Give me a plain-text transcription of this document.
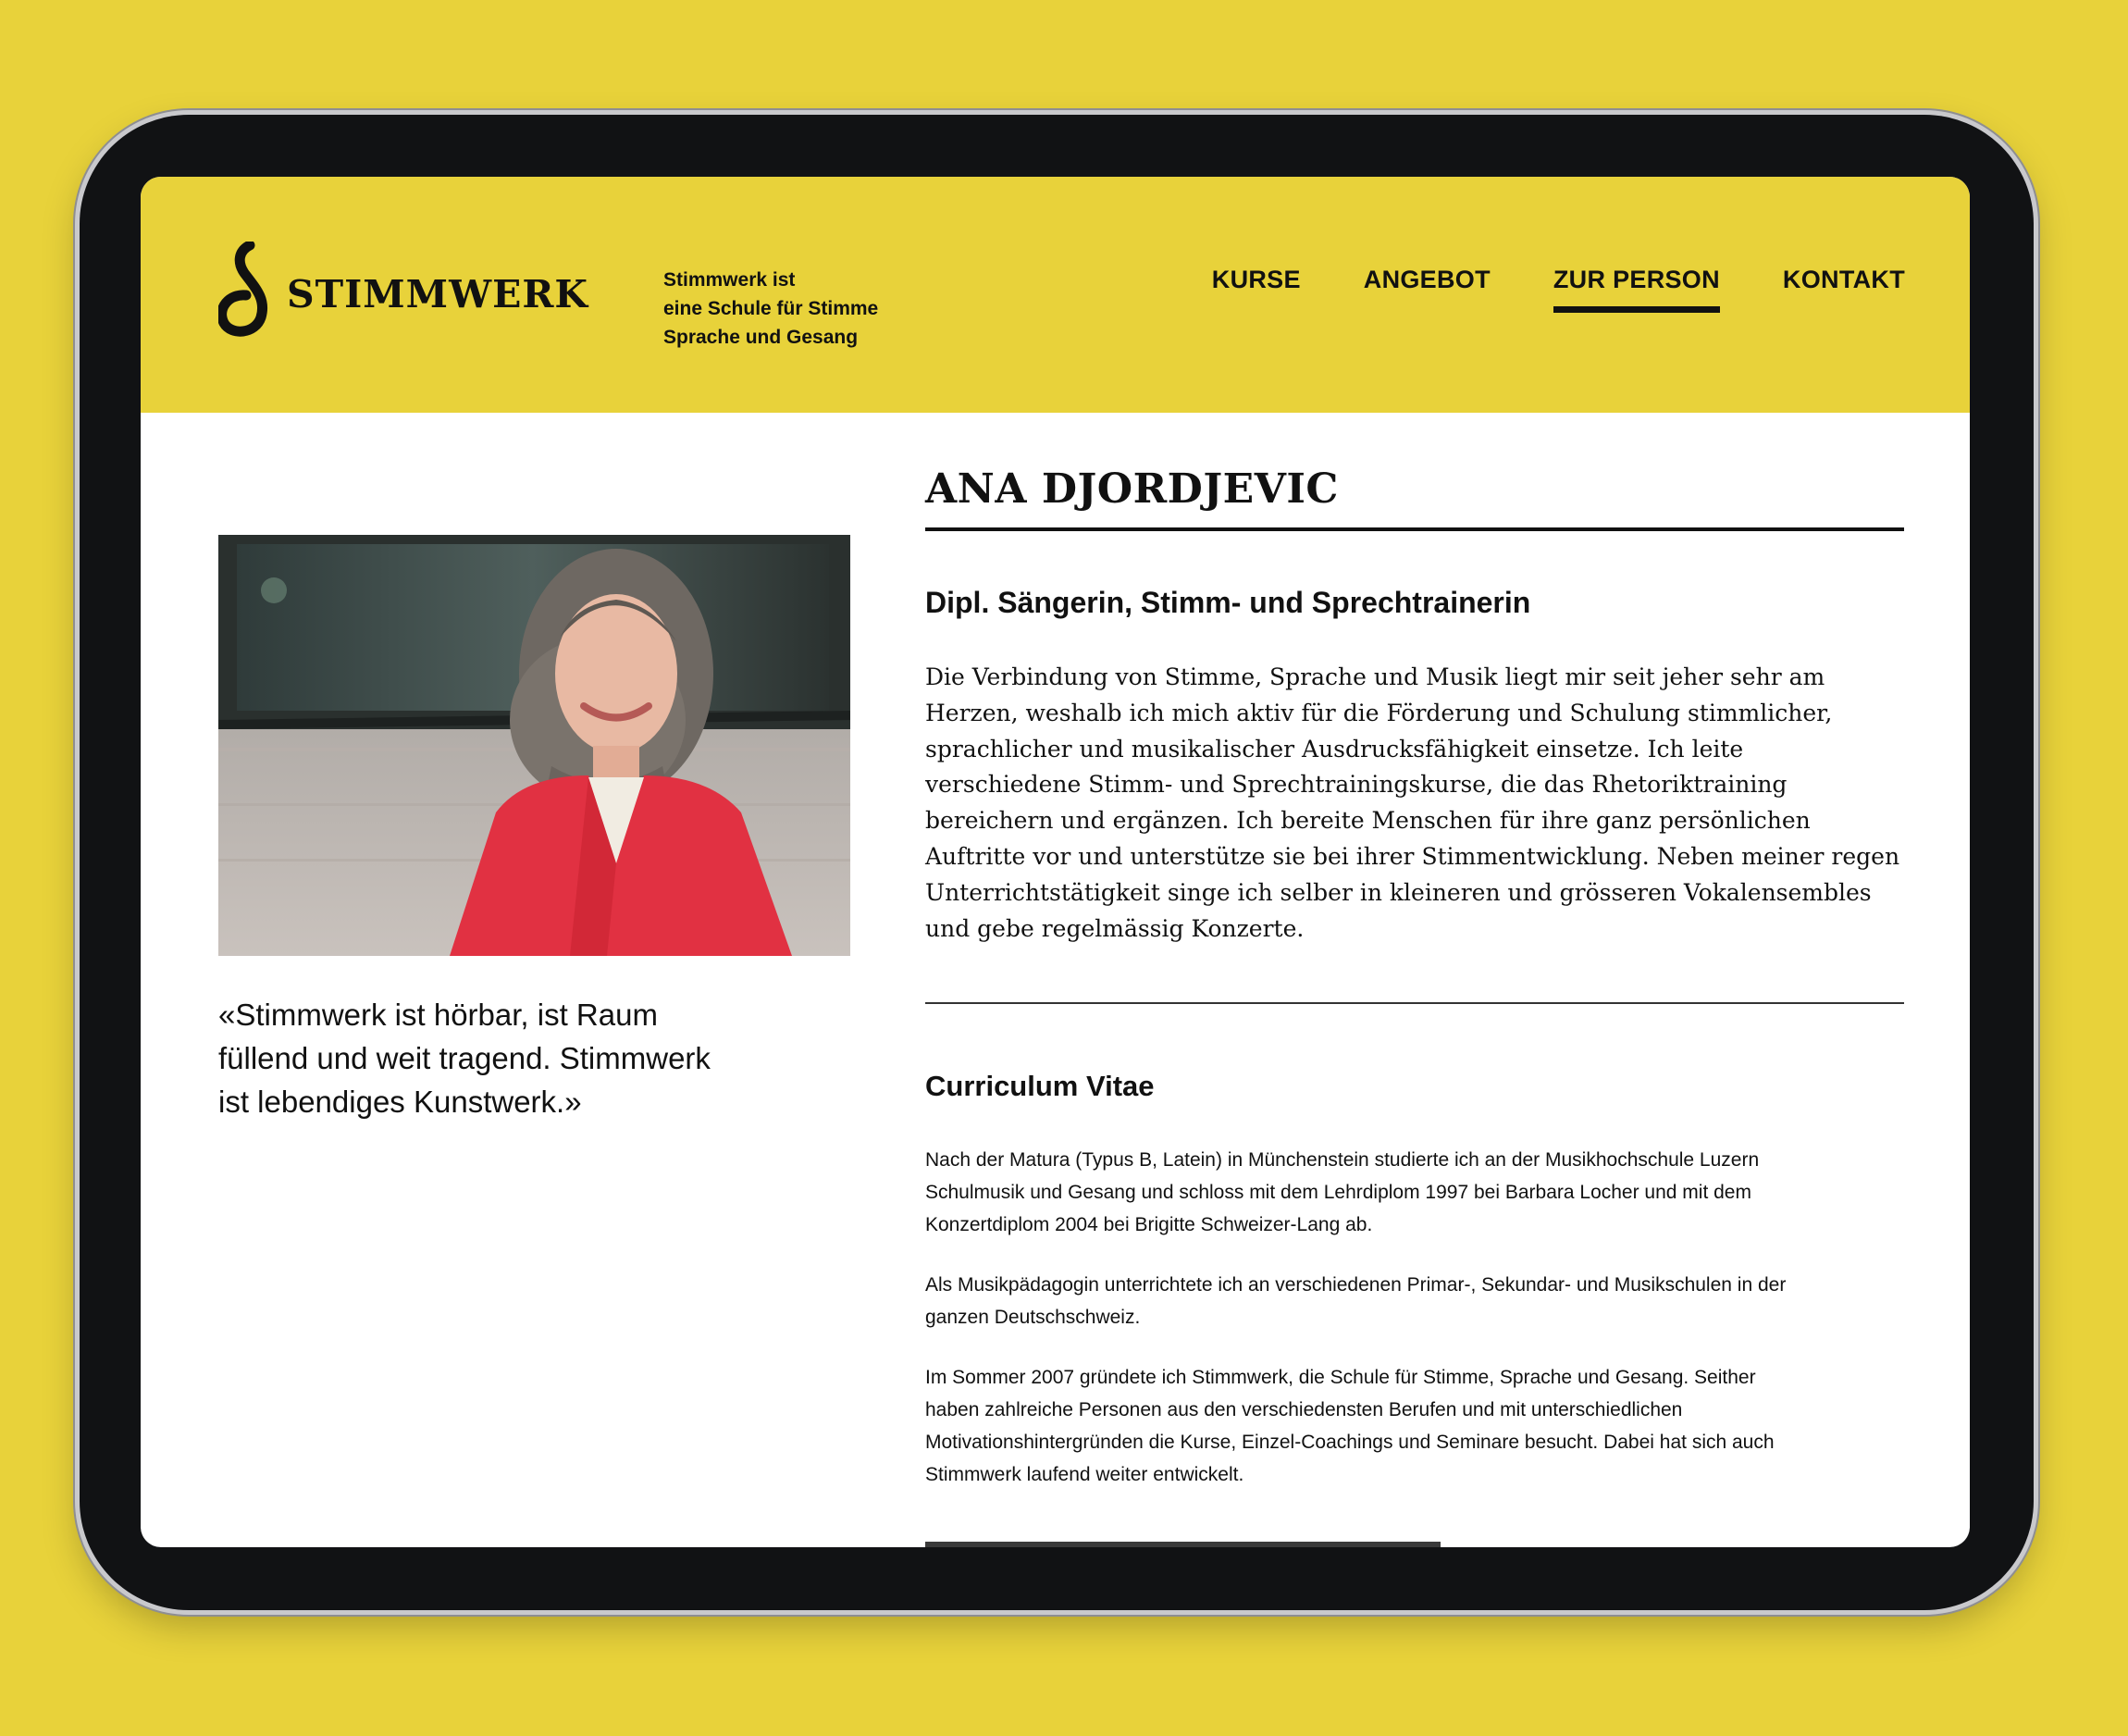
STIMMWERK	Stimmwerk ist
eine Schule für Stimme
Sprache und Gesang
KURSE	ANGEBOT	ZUR PERSON	KONTAKT
«Stimmwerk ist hörbar, ist Raum
füllend und weit tragend. Stimmwerk
ist lebendiges Kunstwerk.»
ANA DJORDJEVIC
Dipl. Sängerin, Stimm- und Sprechtrainerin
Die Verbindung von Stimme, Sprache und Musik liegt mir seit jeher sehr am
Herzen, weshalb ich mich aktiv für die Förderung und Schulung stimmlicher,
sprachlicher und musikalischer Ausdrucksfähigkeit einsetze. Ich leite
verschiedene Stimm- und Sprechtrainingskurse, die das Rhetoriktraining
bereichern und ergänzen. Ich bereite Menschen für ihre ganz persönlichen
Auftritte vor und unterstütze sie bei ihrer Stimmentwicklung. Neben meiner regen
Unterrichtstätigkeit singe ich selber in kleineren und grösseren Vokalensembles
und gebe regelmässig Konzerte.
Curriculum Vitae
Nach der Matura (Typus B, Latein) in Münchenstein studierte ich an der Musikhochschule Luzern
Schulmusik und Gesang und schloss mit dem Lehrdiplom 1997 bei Barbara Locher und mit dem
Konzertdiplom 2004 bei Brigitte Schweizer-Lang ab.
Als Musikpädagogin unterrichtete ich an verschiedenen Primar-, Sekundar- und Musikschulen in der
ganzen Deutschschweiz.
Im Sommer 2007 gründete ich Stimmwerk, die Schule für Stimme, Sprache und Gesang. Seither
haben zahlreiche Personen aus den verschiedensten Berufen und mit unterschiedlichen
Motivationshintergründen die Kurse, Einzel-Coachings und Seminare besucht. Dabei hat sich auch
Stimmwerk laufend weiter entwickelt.
